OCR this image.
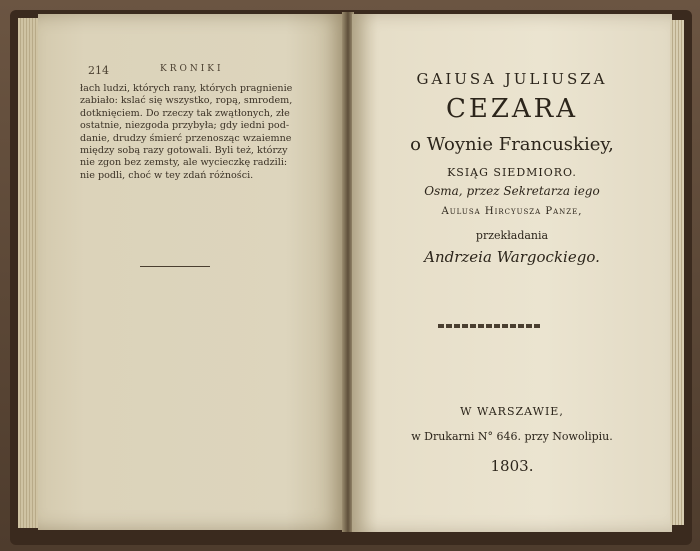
214	KRONIKI
łach ludzi, których rany, których pragnienie
zabiało: kslać się wszystko, ropą, smrodem,
dotknięciem. Do rzeczy tak zwątłonych, złe
ostatnie, niezgoda przybyła; gdy iedni pod-
danie, drudzy śmierć przenosząc wzaiemne
między sobą razy gotowali. Byli też, którzy
nie zgon bez zemsty, ale wycieczkę radzili:
nie podli, choć w tey zdań różności.
GAIUSA JULIUSZA
CEZARA
o Woynie Francuskiey,
KSIĄG SIEDMIORO.
Osma, przez Sekretarza iego
Aulusa Hircyusza Panze,
przekładania
Andrzeia Wargockiego.
W WARSZAWIE,
w Drukarni N° 646. przy Nowolipiu.
1803.
